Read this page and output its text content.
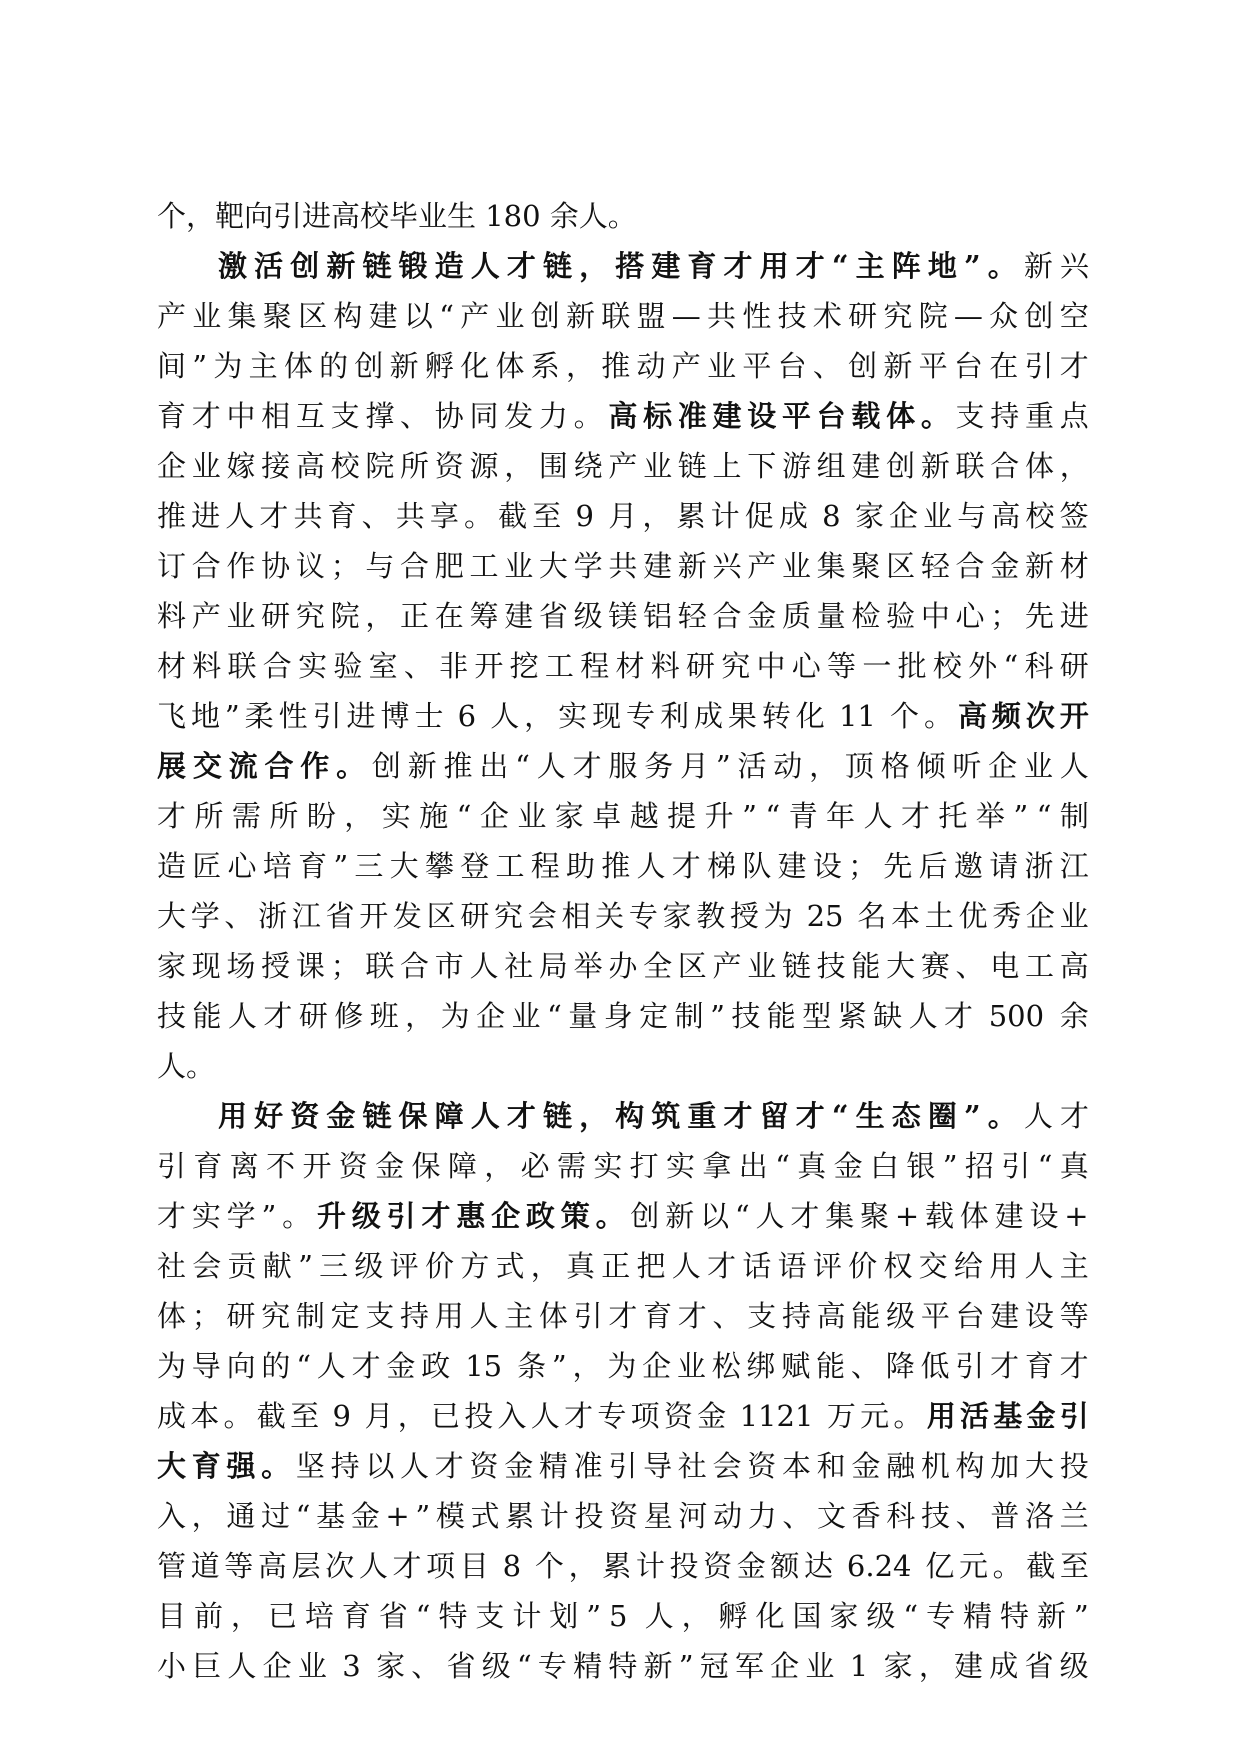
个，靶向引进高校毕业生 180 余人。
激 活 创 新 链 锻 造 人 才 链 ， 搭 建 育 才 用 才 “ 主 阵 地 ” 。 新 兴
产 业 集 聚 区 构 建 以 “ 产 业 创 新 联 盟 — 共 性 技 术 研 究 院 — 众 创 空
间 ” 为 主 体 的 创 新 孵 化 体 系 ， 推 动 产 业 平 台 、 创 新 平 台 在 引 才
育 才 中 相 互 支 撑 、 协 同 发 力 。 高 标 准 建 设 平 台 载 体 。 支 持 重 点
企 业 嫁 接 高 校 院 所 资 源 ， 围 绕 产 业 链 上 下 游 组 建 创 新 联 合 体 ，
推 进 人 才 共 育 、 共 享 。 截 至 9 月 ， 累 计 促 成 8 家 企 业 与 高 校 签
订 合 作 协 议 ； 与 合 肥 工 业 大 学 共 建 新 兴 产 业 集 聚 区 轻 合 金 新 材
料 产 业 研 究 院 ， 正 在 筹 建 省 级 镁 铝 轻 合 金 质 量 检 验 中 心 ； 先 进
材 料 联 合 实 验 室 、 非 开 挖 工 程 材 料 研 究 中 心 等 一 批 校 外 “ 科 研
飞 地 ” 柔 性 引 进 博 士 6 人 ， 实 现 专 利 成 果 转 化 11 个 。 高 频 次 开
展 交 流 合 作 。 创 新 推 出 “ 人 才 服 务 月 ” 活 动 ， 顶 格 倾 听 企 业 人
才 所 需 所 盼 ， 实 施 “ 企 业 家 卓 越 提 升 ” “ 青 年 人 才 托 举 ” “ 制
造 匠 心 培 育 ” 三 大 攀 登 工 程 助 推 人 才 梯 队 建 设 ； 先 后 邀 请 浙 江
大 学 、 浙 江 省 开 发 区 研 究 会 相 关 专 家 教 授 为 25 名 本 土 优 秀 企 业
家 现 场 授 课 ； 联 合 市 人 社 局 举 办 全 区 产 业 链 技 能 大 赛 、 电 工 高
技 能 人 才 研 修 班 ， 为 企 业 “ 量 身 定 制 ” 技 能 型 紧 缺 人 才 500 余
人。
用 好 资 金 链 保 障 人 才 链 ， 构 筑 重 才 留 才 “ 生 态 圈 ” 。 人 才
引 育 离 不 开 资 金 保 障 ， 必 需 实 打 实 拿 出 “ 真 金 白 银 ” 招 引 “ 真
才 实 学 ” 。 升 级 引 才 惠 企 政 策 。 创 新 以 “ 人 才 集 聚 + 载 体 建 设 +
社 会 贡 献 ” 三 级 评 价 方 式 ， 真 正 把 人 才 话 语 评 价 权 交 给 用 人 主
体 ； 研 究 制 定 支 持 用 人 主 体 引 才 育 才 、 支 持 高 能 级 平 台 建 设 等
为 导 向 的 “ 人 才 金 政 15 条 ” ， 为 企 业 松 绑 赋 能 、 降 低 引 才 育 才
成 本 。 截 至 9 月 ， 已 投 入 人 才 专 项 资 金 1121 万 元 。 用 活 基 金 引
大 育 强 。 坚 持 以 人 才 资 金 精 准 引 导 社 会 资 本 和 金 融 机 构 加 大 投
入 ， 通 过 “ 基 金 + ” 模 式 累 计 投 资 星 河 动 力 、 文 香 科 技 、 普 洛 兰
管 道 等 高 层 次 人 才 项 目 8 个 ， 累 计 投 资 金 额 达 6.24 亿 元 。 截 至
目 前 ， 已 培 育 省 “ 特 支 计 划 ” 5 人 ， 孵 化 国 家 级 “ 专 精 特 新 ”
小 巨 人 企 业 3 家 、 省 级 “ 专 精 特 新 ” 冠 军 企 业 1 家 ， 建 成 省 级
